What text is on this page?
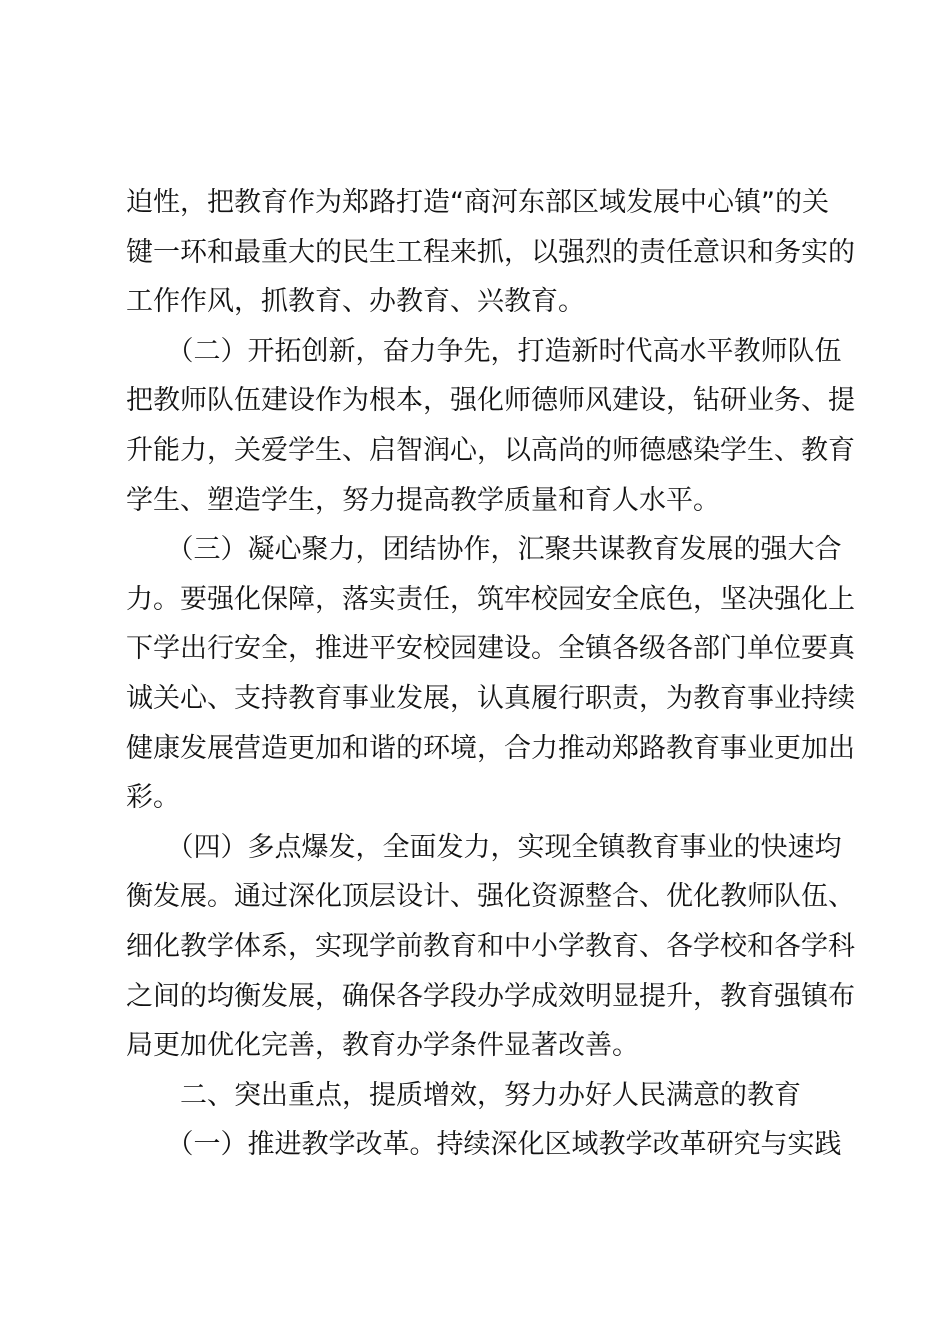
迫性，把教育作为郑路打造“商河东部区域发展中心镇”的关
键一环和最重大的民生工程来抓，以强烈的责任意识和务实的
工作作风，抓教育、办教育、兴教育。
　　（二）开拓创新，奋力争先，打造新时代高水平教师队伍
把教师队伍建设作为根本，强化师德师风建设，钻研业务、提
升能力，关爱学生、启智润心，以高尚的师德感染学生、教育
学生、塑造学生，努力提高教学质量和育人水平。
　　（三）凝心聚力，团结协作，汇聚共谋教育发展的强大合
力。要强化保障，落实责任，筑牢校园安全底色，坚决强化上
下学出行安全，推进平安校园建设。全镇各级各部门单位要真
诚关心、支持教育事业发展，认真履行职责，为教育事业持续
健康发展营造更加和谐的环境，合力推动郑路教育事业更加出
彩。
　　（四）多点爆发，全面发力，实现全镇教育事业的快速均
衡发展。通过深化顶层设计、强化资源整合、优化教师队伍、
细化教学体系，实现学前教育和中小学教育、各学校和各学科
之间的均衡发展，确保各学段办学成效明显提升，教育强镇布
局更加优化完善，教育办学条件显著改善。
　　二、突出重点，提质增效，努力办好人民满意的教育
　　（一）推进教学改革。持续深化区域教学改革研究与实践
